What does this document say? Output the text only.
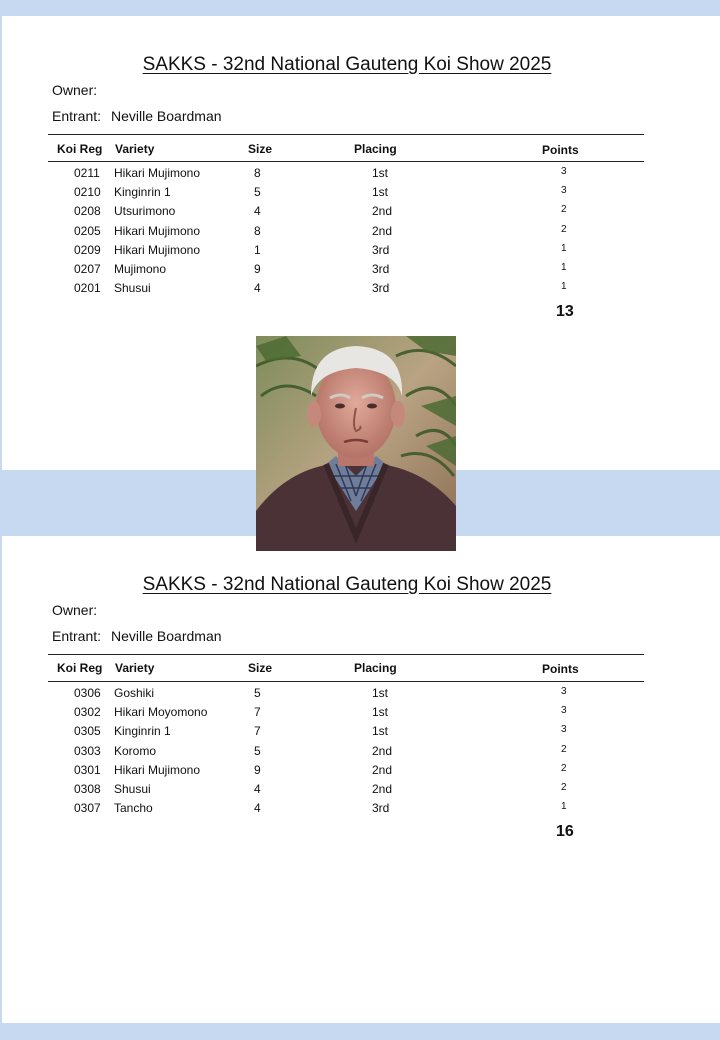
SAKKS - 32nd National Gauteng Koi Show 2025
Owner:
Entrant: Neville Boardman
Koi Reg Variety	Size	Placing	Points
0211 Hikari Mujimono	8	1st	3
0210 Kinginrin 1	5	1st	3
0208 Utsurimono	4	2nd	2
0205 Hikari Mujimono	8	2nd	2
0209 Hikari Mujimono	1	3rd	1
0207 Mujimono	9	3rd	1
0201 Shusui	4	3rd	1
13
SAKKS - 32nd National Gauteng Koi Show 2025
Owner:
Entrant: Neville Boardman
Koi Reg Variety	Size	Placing	Points
0306 Goshiki	5	1st	3
0302 Hikari Moyomono	7	1st	3
0305 Kinginrin 1	7	1st	3
0303 Koromo	5	2nd	2
0301 Hikari Mujimono	9	2nd	2
0308 Shusui	4	2nd	2
0307 Tancho	4	3rd	1
16
